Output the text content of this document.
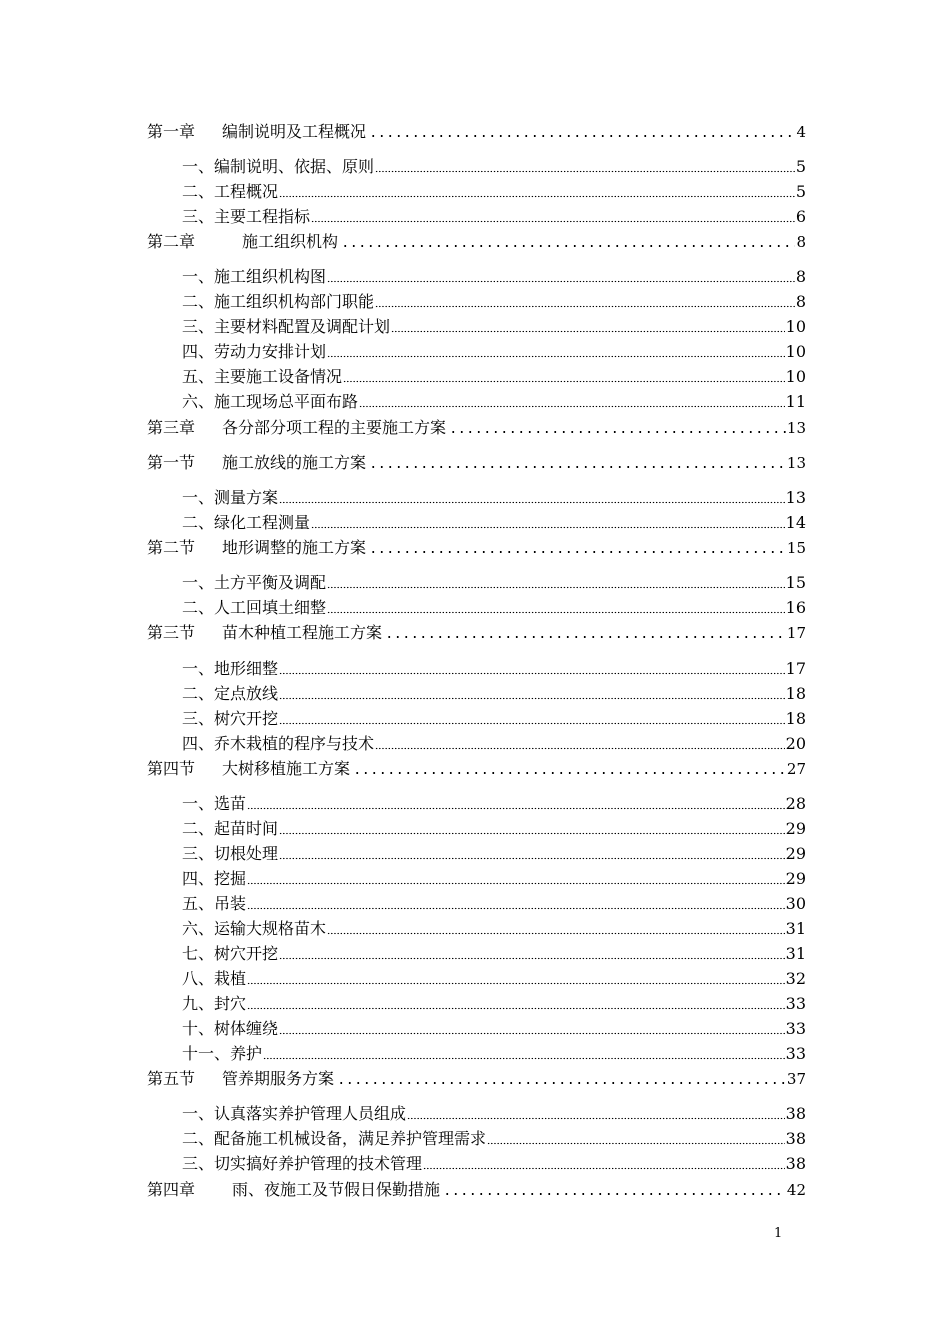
第一章 编制说明及工程概况	4
一、编制说明、依据、原则	5
二、工程概况	5
三、主要工程指标	6
第二章	施工组织机构	8
一、施工组织机构图	8
二、施工组织机构部门职能	8
三、主要材料配置及调配计划	10
四、劳动力安排计划	10
五、主要施工设备情况	10
六、施工现场总平面布路	11
第三章 各分部分项工程的主要施工方案	13
第一节 施工放线的施工方案	13
一、测量方案	13
二、绿化工程测量	14
第二节 地形调整的施工方案	15
一、土方平衡及调配	15
二、人工回填土细整	16
第三节 苗木种植工程施工方案	17
一、地形细整	17
二、定点放线	18
三、树穴开挖	18
四、乔木栽植的程序与技术	20
第四节 大树移植施工方案	27
一、选苗	28
二、起苗时间	29
三、切根处理	29
四、挖掘	29
五、吊装	30
六、运输大规格苗木	31
七、树穴开挖	31
八、栽植	32
九、封穴	33
十、树体缠绕	33
十一、养护	33
第五节 管养期服务方案	37
一、认真落实养护管理人员组成	38
二、配备施工机械设备，满足养护管理需求	38
三、切实搞好养护管理的技术管理	38
第四章 雨、夜施工及节假日保勤措施	42
1
